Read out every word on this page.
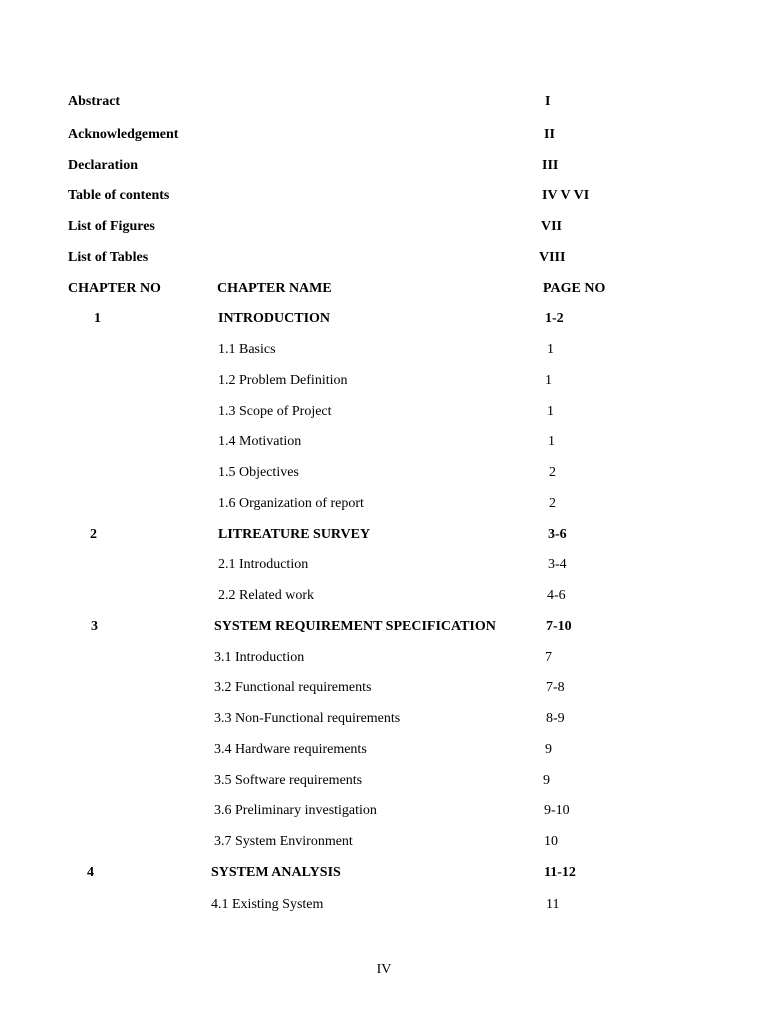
Abstract	I
Acknowledgement	II
Declaration	III
Table of contents	IV V VI
List of Figures	VII
List of Tables	VIII
CHAPTER NO	CHAPTER NAME	PAGE NO
1	INTRODUCTION	1-2
1.1 Basics	1
1.2 Problem Definition	1
1.3 Scope of Project	1
1.4 Motivation	1
1.5 Objectives	2
1.6 Organization of report	2
2	LITREATURE SURVEY	3-6
2.1 Introduction	3-4
2.2 Related work	4-6
3	SYSTEM REQUIREMENT SPECIFICATION	7-10
3.1 Introduction	7
3.2 Functional requirements	7-8
3.3 Non-Functional requirements	8-9
3.4 Hardware requirements	9
3.5 Software requirements	9
3.6 Preliminary investigation	9-10
3.7 System Environment	10
4	SYSTEM ANALYSIS	11-12
4.1 Existing System	11
IV
